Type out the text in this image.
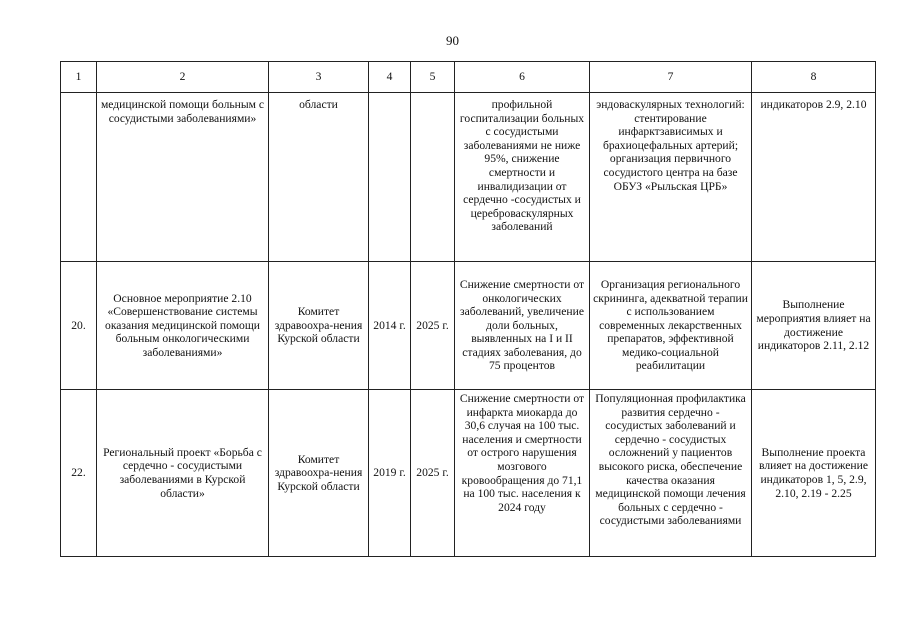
90
1	2	3	4	5	6	7	8
	медицинской помощи больным с сосудистыми заболеваниями»	области			профильной госпитализации больных с сосудистыми заболеваниями не ниже 95%, снижение смертности и инвалидизации от сердечно -сосудистых и цереброваскулярных заболеваний	эндоваскулярных технологий: стентирование инфарктзависимых и брахиоцефальных артерий; организация первичного сосудистого центра на базе ОБУЗ «Рыльская ЦРБ»	индикаторов 2.9, 2.10
20.	Основное мероприятие 2.10 «Совершенствование системы оказания медицинской помощи больным онкологическими заболеваниями»	Комитет здравоохра-нения Курской области	2014 г.	2025 г.	Снижение смертности от онкологических заболеваний, увеличение доли больных, выявленных на I и II стадиях заболевания, до 75 процентов	Организация регионального скрининга, адекватной терапии с использованием современных лекарственных препаратов, эффективной медико-социальной реабилитации	Выполнение мероприятия влияет на достижение индикаторов 2.11, 2.12
22.	Региональный проект «Борьба с сердечно - сосудистыми заболеваниями в Курской области»	Комитет здравоохра-нения Курской области	2019 г.	2025 г.	Снижение смертности от инфаркта миокарда до 30,6 случая на 100 тыс. населения и смертности от острого нарушения мозгового кровообращения до 71,1 на 100 тыс. населения к 2024 году	Популяционная профилактика развития сердечно - сосудистых заболеваний и сердечно - сосудистых осложнений у пациентов высокого риска, обеспечение качества оказания медицинской помощи лечения больных с сердечно - сосудистыми заболеваниями	Выполнение проекта влияет на достижение индикаторов 1, 5, 2.9, 2.10, 2.19 - 2.25
